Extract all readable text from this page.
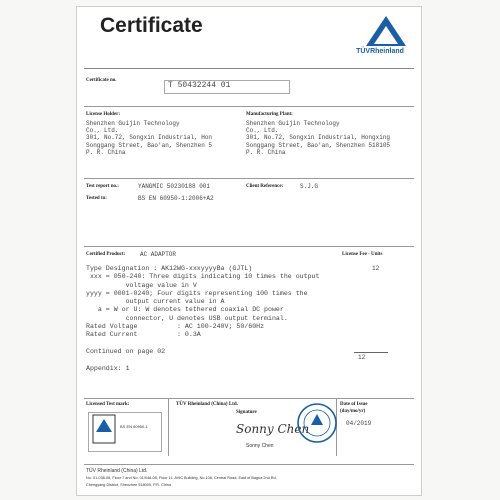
Certificate
TÜVRheinland
Certificate no.
T 50432244 01
License Holder:
Shenzhen Guijin Technology
Co., Ltd.
301, No.72, Songxin Industrial, Hon
Songgang Street, Bao'an, Shenzhen 5
P. R. China
Manufacturing Plant:
Shenzhen Guijin Technology
Co., Ltd.
301, No.72, Songxin Industrial, Hongxing
Songgang Street, Bao'an, Shenzhen 518105
P. R. China
Test report no.:	YANGMIC 50230188 001	Client Reference:	S.J.G
Tested to:	BS EN 60950-1:2006+A2
Certified Product: AC ADAPTOR	License Fee - Units
Type Designation : AK12WG-xxxyyyyBa (GJTL)
xxx = 050-240: Three digits indicating 10 times the output
voltage value in V
yyyy = 0001-0240; Four digits representing 100 times the
output current value in A
a = W or U: W denotes tethered coaxial DC power
connector, U denotes USB output terminal.
Rated Voltage          : AC 100-240V; 50/60Hz
Rated Current          : 0.3A

Continued on page 02

Appendix: 1
12
12
Licensed Test mark:
BS EN 60950-1
TÜV Rheinland (China) Ltd.
Signature
Sonny Chen
Sonny Chen
Date of Issue
(day/mo/yr)
04/2019
TÜV Rheinland (China) Ltd.
No. 01-038-08, Floor 7 and No. 01/048-08, Floor 11, AVIC Building, No.108, Central Road, East of Bagua 2nd Rd,
Chengyang District, Shenzhen 518000, P.R. China
